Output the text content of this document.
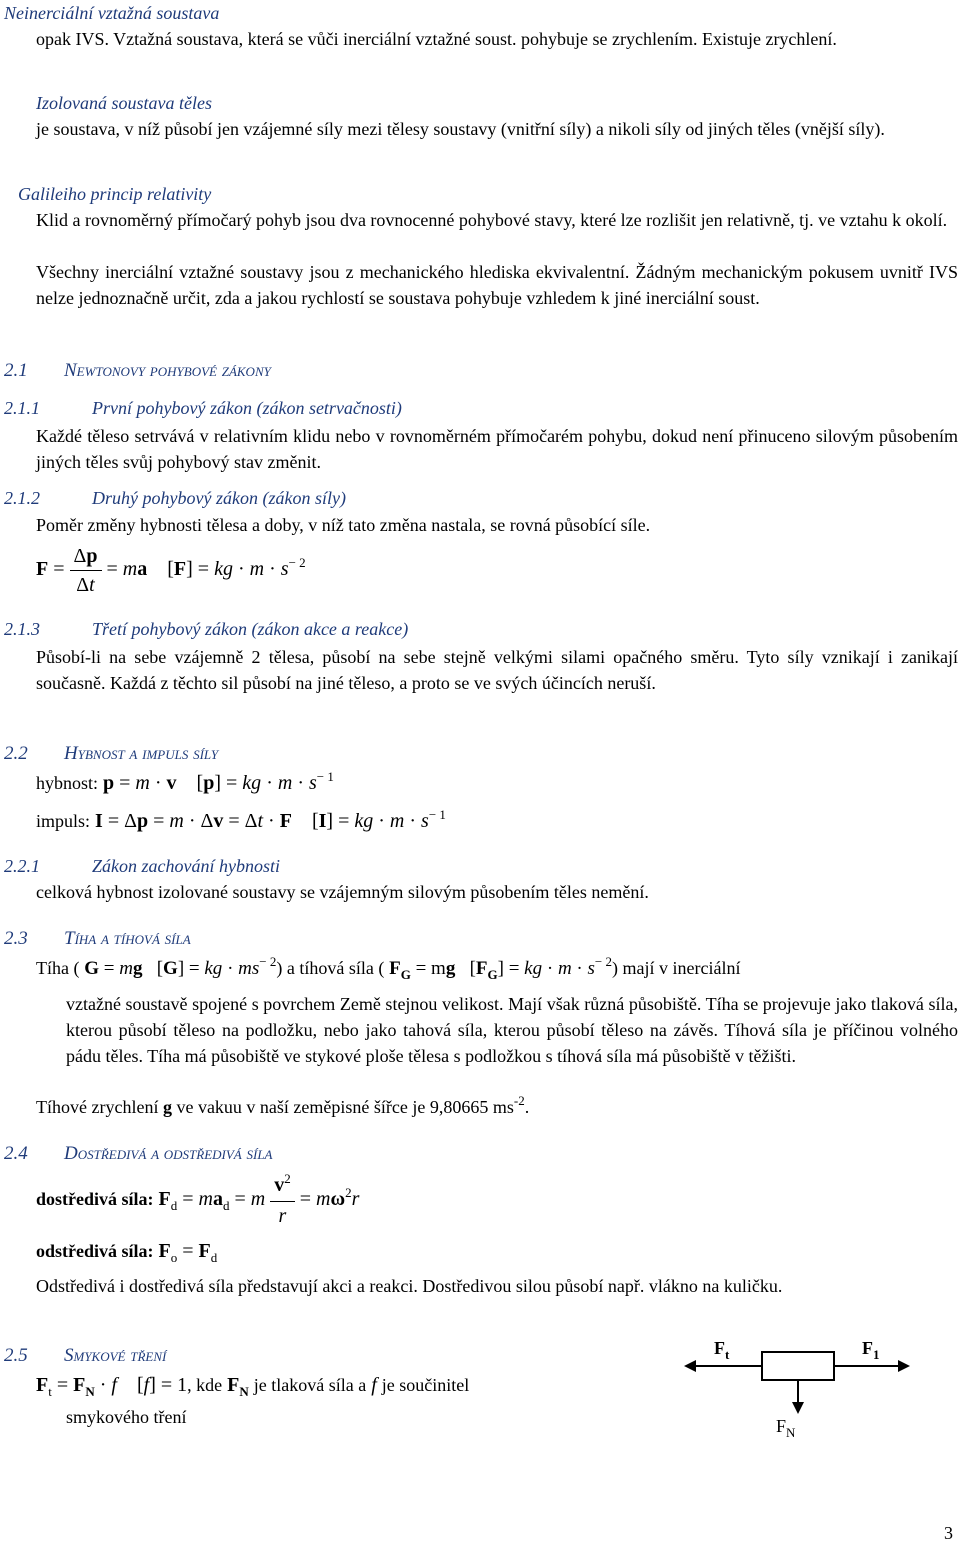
Neinerciální vztažná soustava
opak IVS. Vztažná soustava, která se vůči inerciální vztažné soust. pohybuje se zrychlením. Existuje zrychlení.
Izolovaná soustava těles
je soustava, v níž působí jen vzájemné síly mezi tělesy soustavy (vnitřní síly) a nikoli síly od jiných těles (vnější síly).
Galileiho princip relativity
Klid a rovnoměrný přímočarý pohyb jsou dva rovnocenné pohybové stavy, které lze rozlišit jen relativně, tj. ve vztahu k okolí.
Všechny inerciální vztažné soustavy jsou z mechanického hlediska ekvivalentní. Žádným mechanickým pokusem uvnitř IVS nelze jednoznačně určit, zda a jakou rychlostí se soustava pohybuje vzhledem k jiné inerciální soust.
2.1 Newtonovy pohybové zákony
2.1.1	První pohybový zákon (zákon setrvačnosti)
Každé těleso setrvává v relativním klidu nebo v rovnoměrném přímočarém pohybu, dokud není přinuceno silovým působením jiných těles svůj pohybový stav změnit.
2.1.2	Druhý pohybový zákon (zákon síly)
Poměr změny hybnosti tělesa a doby, v níž tato změna nastala, se rovná působící síle.
$F = \frac{\Delta p}{\Delta t}$ = ma    [F] = kg · $m \cdot s^{- 2}$
2.1.3	Třetí pohybový zákon (zákon akce a reakce)
Působí-li na sebe vzájemně 2 tělesa, působí na sebe stejně velkými silami opačného směru. Tyto síly vznikají i zanikají současně. Každá z těchto sil působí na jiné těleso, a proto se ve svých účincích neruší.
2.2 Hybnost a impuls síly
hybnost: p = m · v    [p] = kg · $m \cdot s^{- 1}$
impuls: I = Δp = m · Δv = Δt · F    [I] = kg · $m \cdot s^{- 1}$
2.2.1	Zákon zachování hybnosti
celková hybnost izolované soustavy se vzájemným silovým působením těles nemění.
2.3 Tíha a tíhová síla
Tíha ( G = mg   [G] = kg · $ms^{- 2}$) a tíhová síla ( $F_G$ = mg   $[F_G]$ = kg · $m \cdot s^{- 2}$) mají v inerciální
vztažné soustavě spojené s povrchem Země stejnou velikost. Mají však různá působiště. Tíha se projevuje jako tlaková síla, kterou působí těleso na podložku, nebo jako tahová síla, kterou působí těleso na závěs. Tíhová síla je příčinou volného pádu těles. Tíha má působiště ve stykové ploše tělesa s podložkou s tíhová síla má působiště v těžišti.
Tíhové zrychlení g ve vakuu v naší zeměpisné šířce je 9,80665 $ms^{-2}$.
2.4 Dostředivá a odstředivá síla
dostředivá síla: $F_d = ma_d = m \frac{v^2}{r} = m\omega^2r$
odstředivá síla: $F_o = F_d$
Odstředivá i dostředivá síla představují akci a reakci. Dostředivou silou působí např. vlákno na kuličku.
2.5 Smykové tření
$F_t = F_N \cdot f$    [f] = 1, kde $F_N$ je tlaková síla a f je součinitel
smykového tření
$F_t$	$F_1$
$F_N$
3
